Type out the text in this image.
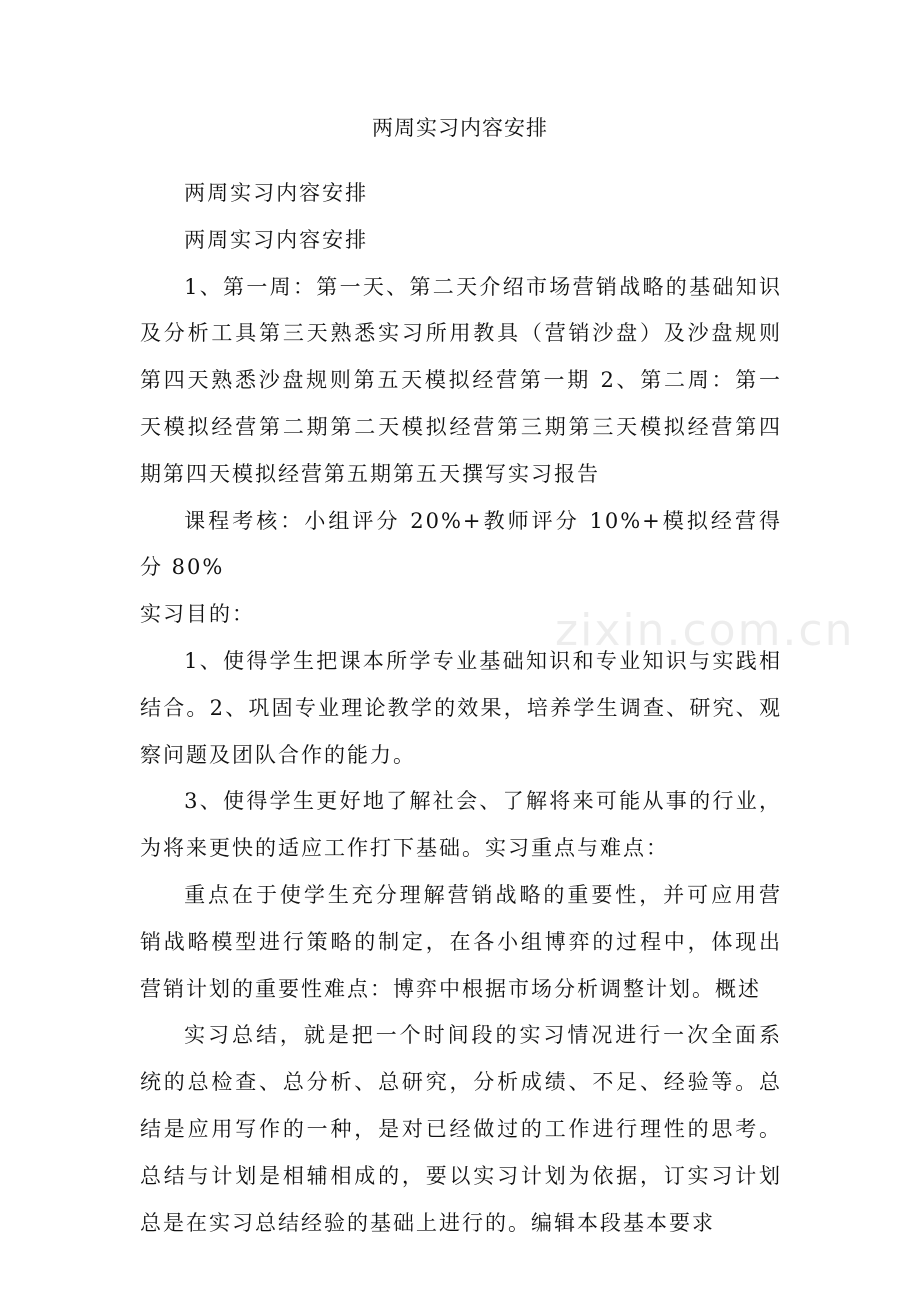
两周实习内容安排

两周实习内容安排

两周实习内容安排

1、第一周：第一天、第二天介绍市场营销战略的基础知识及分析工具第三天熟悉实习所用教具（营销沙盘）及沙盘规则第四天熟悉沙盘规则第五天模拟经营第一期 2、第二周：第一天模拟经营第二期第二天模拟经营第三期第三天模拟经营第四期第四天模拟经营第五期第五天撰写实习报告

课程考核：小组评分 20%+教师评分 10%+模拟经营得分 80%

实习目的：

1、使得学生把课本所学专业基础知识和专业知识与实践相结合。2、巩固专业理论教学的效果，培养学生调查、研究、观察问题及团队合作的能力。

3、使得学生更好地了解社会、了解将来可能从事的行业，为将来更快的适应工作打下基础。实习重点与难点：

重点在于使学生充分理解营销战略的重要性，并可应用营销战略模型进行策略的制定，在各小组博弈的过程中，体现出营销计划的重要性难点：博弈中根据市场分析调整计划。概述

实习总结，就是把一个时间段的实习情况进行一次全面系统的总检查、总分析、总研究，分析成绩、不足、经验等。总结是应用写作的一种，是对已经做过的工作进行理性的思考。总结与计划是相辅相成的，要以实习计划为依据，订实习计划总是在实习总结经验的基础上进行的。编辑本段基本要求

zixin.com.cn
